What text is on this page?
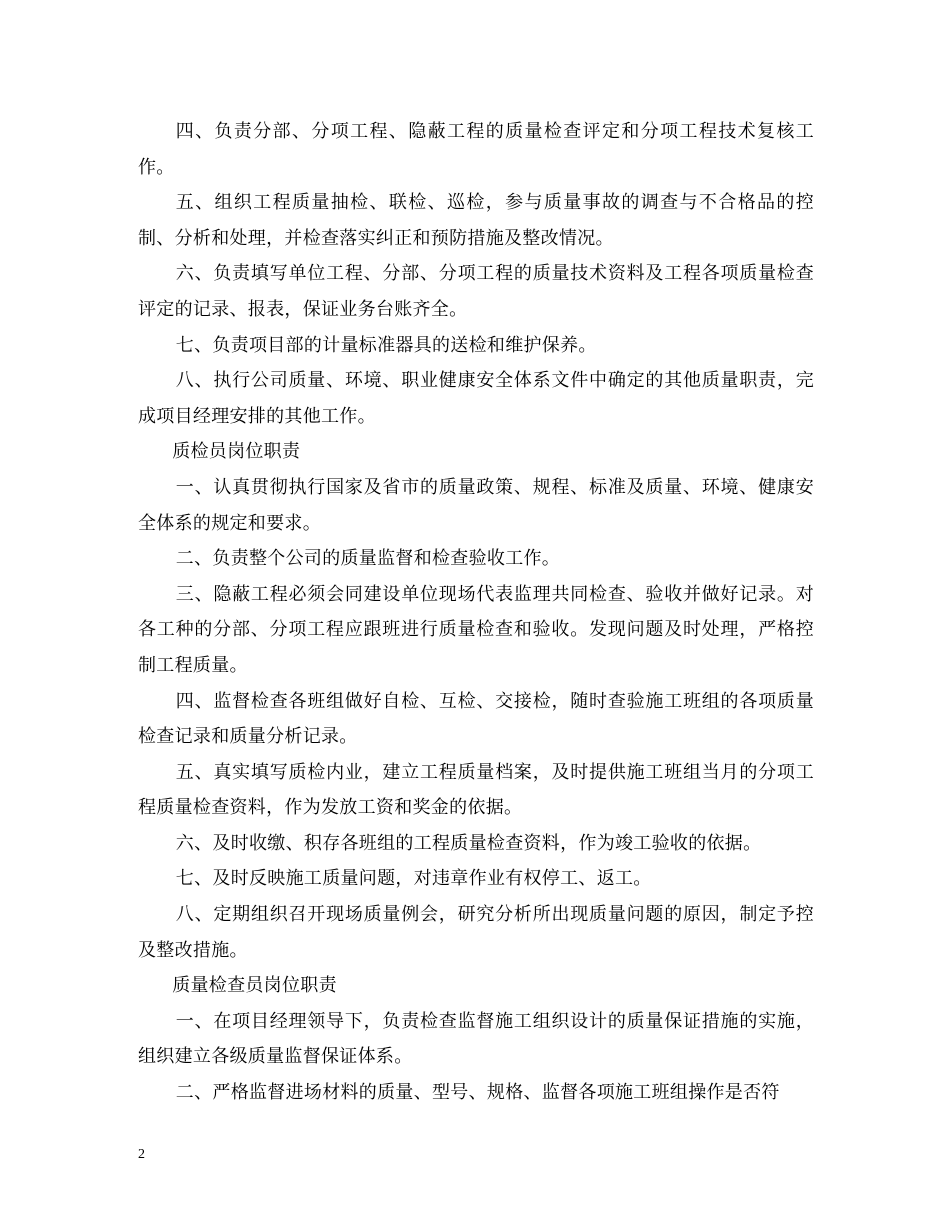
四、负责分部、分项工程、隐蔽工程的质量检查评定和分项工程技术复核工作。

五、组织工程质量抽检、联检、巡检，参与质量事故的调查与不合格品的控制、分析和处理，并检查落实纠正和预防措施及整改情况。

六、负责填写单位工程、分部、分项工程的质量技术资料及工程各项质量检查评定的记录、报表，保证业务台账齐全。

七、负责项目部的计量标准器具的送检和维护保养。

八、执行公司质量、环境、职业健康安全体系文件中确定的其他质量职责，完成项目经理安排的其他工作。

质检员岗位职责

一、认真贯彻执行国家及省市的质量政策、规程、标准及质量、环境、健康安全体系的规定和要求。

二、负责整个公司的质量监督和检查验收工作。

三、隐蔽工程必须会同建设单位现场代表监理共同检查、验收并做好记录。对各工种的分部、分项工程应跟班进行质量检查和验收。发现问题及时处理，严格控制工程质量。

四、监督检查各班组做好自检、互检、交接检，随时查验施工班组的各项质量检查记录和质量分析记录。

五、真实填写质检内业，建立工程质量档案，及时提供施工班组当月的分项工程质量检查资料，作为发放工资和奖金的依据。

六、及时收缴、积存各班组的工程质量检查资料，作为竣工验收的依据。

七、及时反映施工质量问题，对违章作业有权停工、返工。

八、定期组织召开现场质量例会，研究分析所出现质量问题的原因，制定予控及整改措施。

质量检查员岗位职责

一、在项目经理领导下，负责检查监督施工组织设计的质量保证措施的实施，组织建立各级质量监督保证体系。

二、严格监督进场材料的质量、型号、规格、监督各项施工班组操作是否符

2
